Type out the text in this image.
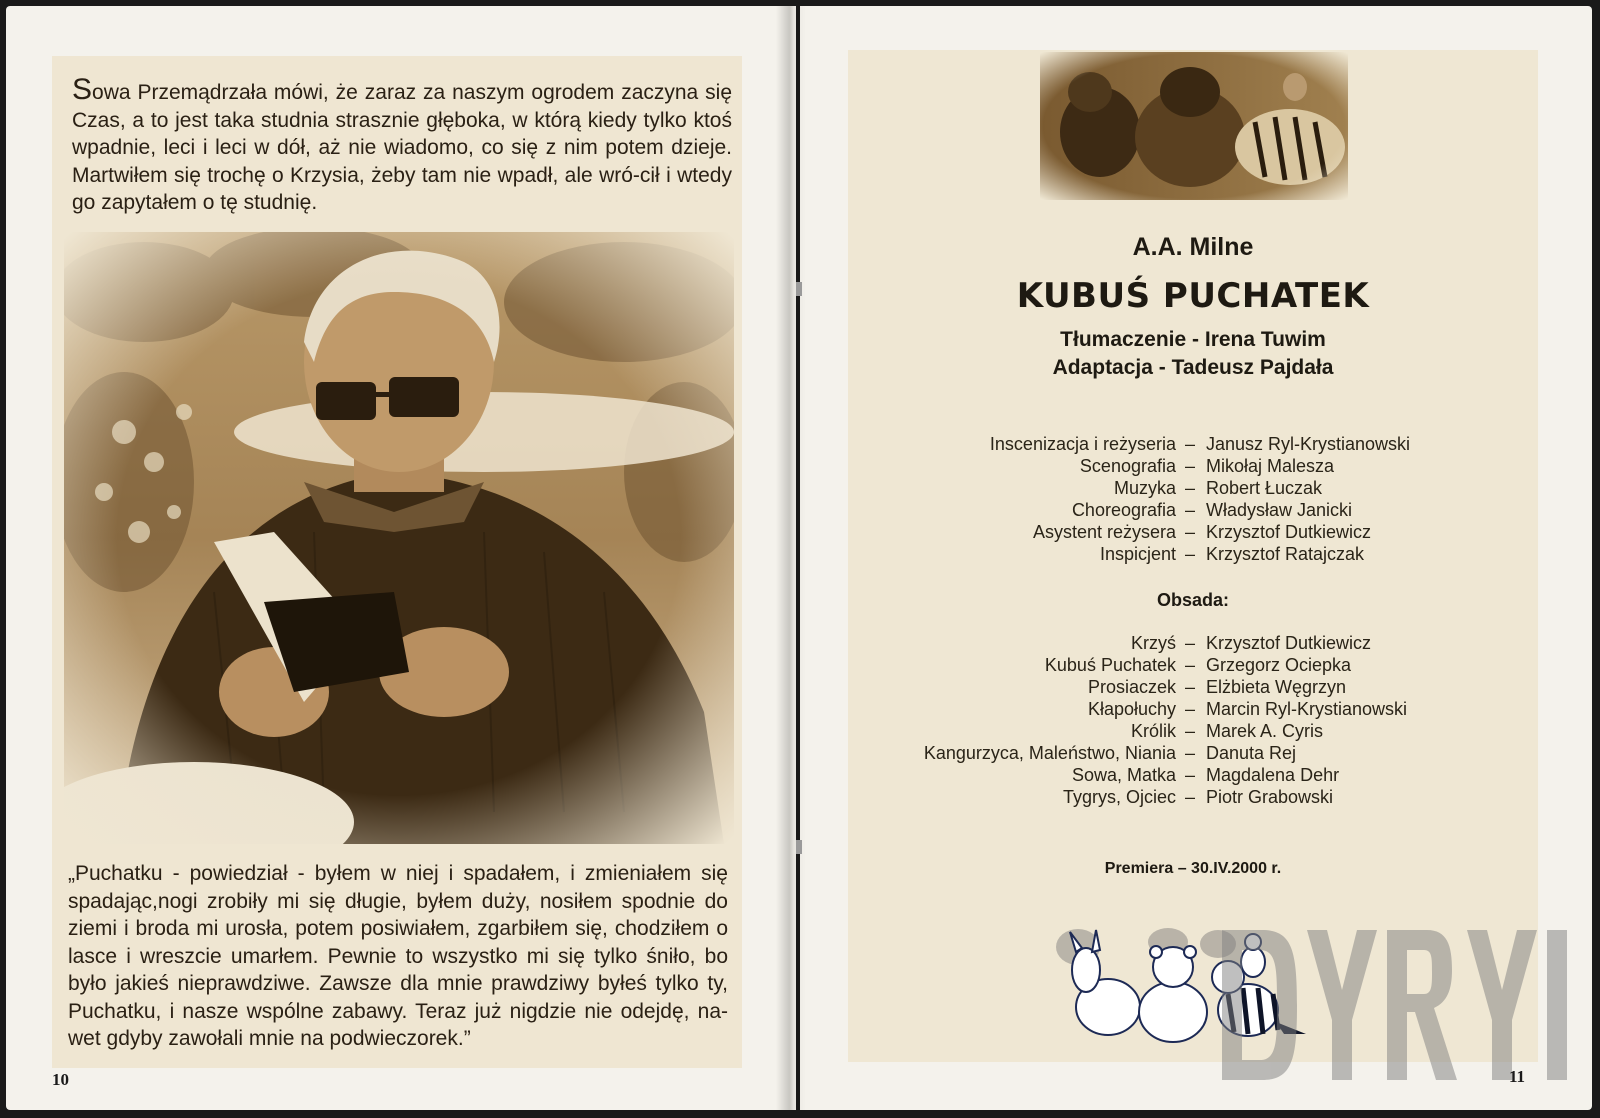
Sowa Przemądrzała mówi, że zaraz za naszym ogrodem zaczyna się Czas, a to jest taka studnia strasznie głęboka, w którą kiedy tylko ktoś wpadnie, leci i leci w dół, aż nie wiadomo, co się z nim potem dzieje. Martwiłem się trochę o Krzysia, żeby tam nie wpadł, ale wró-cił i wtedy go zapytałem o tę studnię.

„Puchatku - powiedział - byłem w niej i spadałem, i zmieniałem się spadając,nogi zrobiły mi się długie, byłem duży, nosiłem spodnie do ziemi i broda mi urosła, potem posiwiałem, zgarbiłem się, chodziłem o lasce i wreszcie umarłem. Pewnie to wszystko mi się tylko śniło, bo było jakieś nieprawdziwe. Zawsze dla mnie prawdziwy byłeś tylko ty, Puchatku, i nasze wspólne zabawy. Teraz już nigdzie nie odejdę, na-wet gdyby zawołali mnie na podwieczorek.”

10
A.A. Milne
KUBUŚ PUCHATEK

Tłumaczenie - Irena Tuwim

Adaptacja - Tadeusz Pajdała

Inscenizacja i reżyseria – Janusz Ryl-Krystianowski
Scenografia – Mikołaj Malesza
Muzyka – Robert Łuczak
Choreografia – Władysław Janicki
Asystent reżysera – Krzysztof Dutkiewicz
Inspicjent – Krzysztof Ratajczak
Obsada:
Krzyś – Krzysztof Dutkiewicz
Kubuś Puchatek – Grzegorz Ociepka
Prosiaczek – Elżbieta Węgrzyn
Kłapołuchy – Marcin Ryl-Krystianowski
Królik – Marek A. Cyris
Kangurzyca, Maleństwo, Niania – Danuta Rej
Sowa, Matka – Magdalena Dehr
Tygrys, Ojciec – Piotr Grabowski
Premiera – 30.IV.2000 r.
11
